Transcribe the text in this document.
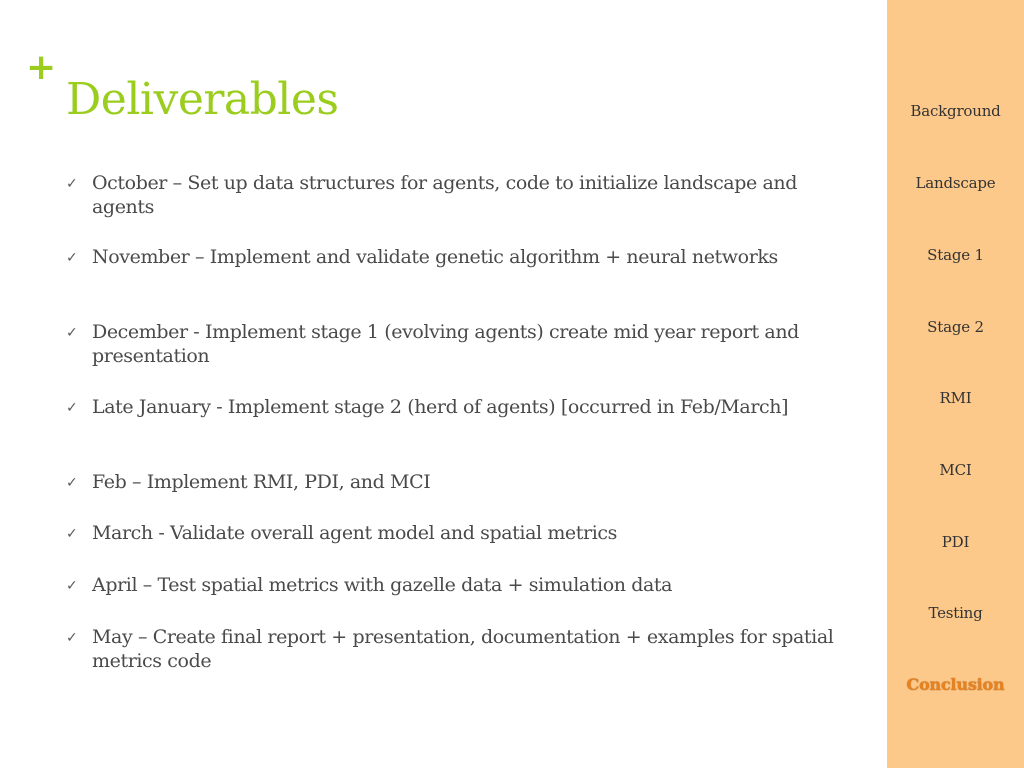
+
Deliverables
✓ October – Set up data structures for agents, code to initialize landscape and agents
✓ November – Implement and validate genetic algorithm + neural networks
✓ December - Implement stage 1 (evolving agents) create mid year report and presentation
✓ Late January - Implement stage 2 (herd of agents) [occurred in Feb/March]
✓ Feb – Implement RMI, PDI, and MCI
✓ March - Validate overall agent model and spatial metrics
✓ April – Test spatial metrics with gazelle data + simulation data
✓ May – Create final report + presentation, documentation + examples for spatial metrics code
Background
Landscape
Stage 1
Stage 2
RMI
MCI
PDI
Testing
Conclusion
